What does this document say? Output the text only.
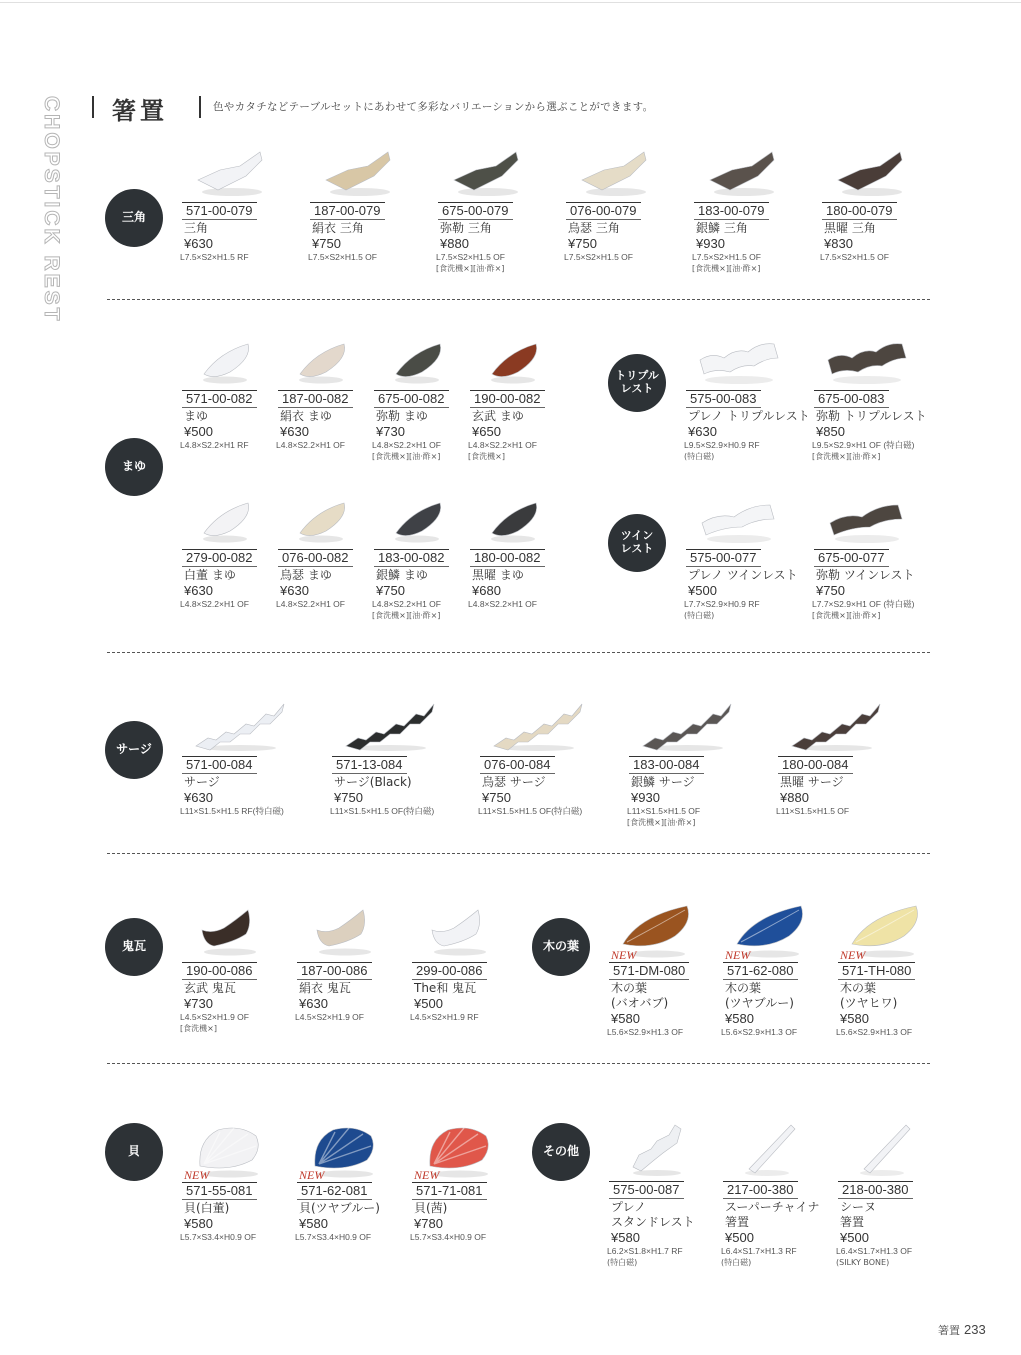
CHOPSTICK REST 箸置	色やカタチなどテーブルセットにあわせて多彩なバリエーションから選ぶことができます。
三角
まゆ
トリプル
レスト
ツイン
レスト
サージ
鬼瓦	木の葉
貝	その他
571-00-079
三角
¥630
L7.5×S2×H1.5 RF
187-00-079
絹衣 三角
¥750
L7.5×S2×H1.5 OF
675-00-079
弥勒 三角
¥880
L7.5×S2×H1.5 OF
[食洗機×][油·酢×]
076-00-079
烏瑟 三角
¥750
L7.5×S2×H1.5 OF
183-00-079
銀鱗 三角
¥930
L7.5×S2×H1.5 OF
[食洗機×][油·酢×]
180-00-079
黒曜 三角
¥830
L7.5×S2×H1.5 OF
571-00-082
まゆ
¥500
L4.8×S2.2×H1 RF
187-00-082
絹衣 まゆ
¥630
L4.8×S2.2×H1 OF
675-00-082
弥勒 まゆ
¥730
L4.8×S2.2×H1 OF
[食洗機×][油·酢×]
190-00-082
玄武 まゆ
¥650
L4.8×S2.2×H1 OF
[食洗機×]
575-00-083
プレノ トリプルレスト
¥630
L9.5×S2.9×H0.9 RF
(特白磁)
675-00-083
弥勒 トリプルレスト
¥850
L9.5×S2.9×H1 OF (特白磁)
[食洗機×][油·酢×]
279-00-082
白董 まゆ
¥630
L4.8×S2.2×H1 OF
076-00-082
烏瑟 まゆ
¥630
L4.8×S2.2×H1 OF
183-00-082
銀鱗 まゆ
¥750
L4.8×S2.2×H1 OF
[食洗機×][油·酢×]
180-00-082
黒曜 まゆ
¥680
L4.8×S2.2×H1 OF
575-00-077
プレノ ツインレスト
¥500
L7.7×S2.9×H0.9 RF
(特白磁)
675-00-077
弥勒 ツインレスト
¥750
L7.7×S2.9×H1 OF (特白磁)
[食洗機×][油·酢×]
571-00-084
サージ
¥630
L11×S1.5×H1.5 RF(特白磁)
571-13-084
サージ(Black)
¥750
L11×S1.5×H1.5 OF(特白磁)
076-00-084
烏瑟 サージ
¥750
L11×S1.5×H1.5 OF(特白磁)
183-00-084
銀鱗 サージ
¥930
L11×S1.5×H1.5 OF
[食洗機×][油·酢×]
180-00-084
黒曜 サージ
¥880
L11×S1.5×H1.5 OF
190-00-086
玄武 鬼瓦
¥730
L4.5×S2×H1.9 OF
[食洗機×]
187-00-086
絹衣 鬼瓦
¥630
L4.5×S2×H1.9 OF
299-00-086
The和 鬼瓦
¥500
L4.5×S2×H1.9 RF
571-DM-080
NEW
木の葉
(バオバブ)
¥580
L5.6×S2.9×H1.3 OF
571-62-080
NEW
木の葉
(ツヤブルー)
¥580
L5.6×S2.9×H1.3 OF
571-TH-080
NEW
木の葉
(ツヤヒワ)
¥580
L5.6×S2.9×H1.3 OF
571-55-081
NEW
貝(白董)
¥580
L5.7×S3.4×H0.9 OF
571-62-081
NEW
貝(ツヤブルー)
¥580
L5.7×S3.4×H0.9 OF
571-71-081
NEW
貝(茜)
¥780
L5.7×S3.4×H0.9 OF
575-00-087
プレノ
スタンドレスト
¥580
L6.2×S1.8×H1.7 RF
(特白磁)
217-00-380
スーパーチャイナ
箸置
¥500
L6.4×S1.7×H1.3 RF
(特白磁)
218-00-380
シーヌ
箸置
¥500
L6.4×S1.7×H1.3 OF
(SILKY BONE)
箸置 233
